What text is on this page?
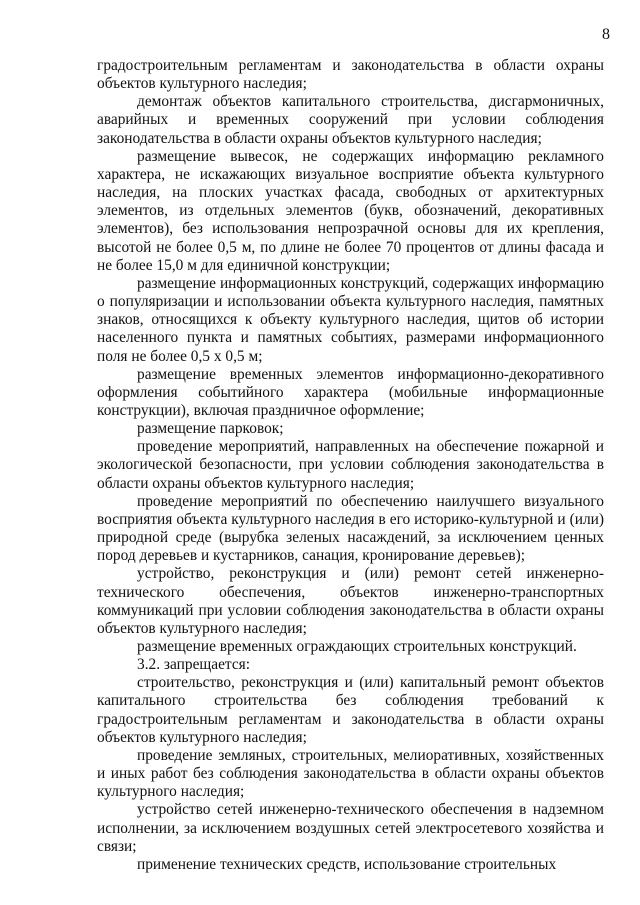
8

градостроительным регламентам и законодательства в области охраны объектов культурного наследия;

демонтаж объектов капитального строительства, дисгармоничных, аварийных и временных сооружений при условии соблюдения законодательства в области охраны объектов культурного наследия;

размещение вывесок, не содержащих информацию рекламного характера, не искажающих визуальное восприятие объекта культурного наследия, на плоских участках фасада, свободных от архитектурных элементов, из отдельных элементов (букв, обозначений, декоративных элементов), без использования непрозрачной основы для их крепления, высотой не более 0,5 м, по длине не более 70 процентов от длины фасада и не более 15,0 м для единичной конструкции;

размещение информационных конструкций, содержащих информацию о популяризации и использовании объекта культурного наследия, памятных знаков, относящихся к объекту культурного наследия, щитов об истории населенного пункта и памятных событиях, размерами информационного поля не более 0,5 х 0,5 м;

размещение временных элементов информационно-декоративного оформления событийного характера (мобильные информационные конструкции), включая праздничное оформление;

размещение парковок;

проведение мероприятий, направленных на обеспечение пожарной и экологической безопасности, при условии соблюдения законодательства в области охраны объектов культурного наследия;

проведение мероприятий по обеспечению наилучшего визуального восприятия объекта культурного наследия в его историко-культурной и (или) природной среде (вырубка зеленых насаждений, за исключением ценных пород деревьев и кустарников, санация, кронирование деревьев);

устройство, реконструкция и (или) ремонт сетей инженерно-технического обеспечения, объектов инженерно-транспортных коммуникаций при условии соблюдения законодательства в области охраны объектов культурного наследия;

размещение временных ограждающих строительных конструкций.

3.2. запрещается:

строительство, реконструкция и (или) капитальный ремонт объектов капитального строительства без соблюдения требований к градостроительным регламентам и законодательства в области охраны объектов культурного наследия;

проведение земляных, строительных, мелиоративных, хозяйственных и иных работ без соблюдения законодательства в области охраны объектов культурного наследия;

устройство сетей инженерно-технического обеспечения в надземном исполнении, за исключением воздушных сетей электросетевого хозяйства и связи;

применение технических средств, использование строительных
